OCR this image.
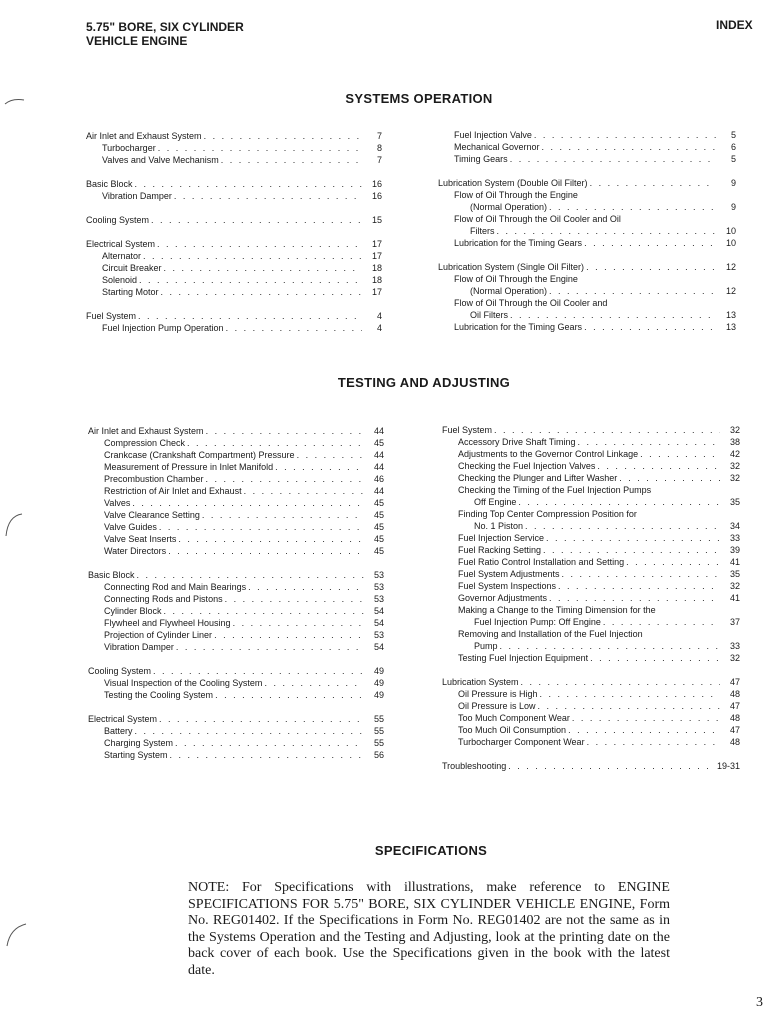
5.75" BORE, SIX CYLINDER
VEHICLE ENGINE
INDEX
SYSTEMS OPERATION
Air Inlet and Exhaust System . . .	7
Turbocharger . . .	8
Valves and Valve Mechanism . . .	7
Basic Block . . .	16
Vibration Damper . . .	16
Cooling System . . .	15
Electrical System . . .	17
Alternator . . .	17
Circuit Breaker . . .	18
Solenoid . . .	18
Starting Motor . . .	17
Fuel System . . .	4
Fuel Injection Pump Operation . . .	4
Fuel Injection Valve . . .	5
Mechanical Governor . . .	6
Timing Gears . . .	5
Lubrication System (Double Oil Filter) . . .	9
Flow of Oil Through the Engine
(Normal Operation) . . .	9
Flow of Oil Through the Oil Cooler and Oil
Filters . . .	10
Lubrication for the Timing Gears . . .	10
Lubrication System (Single Oil Filter) . . .	12
Flow of Oil Through the Engine
(Normal Operation) . . .	12
Flow of Oil Through the Oil Cooler and
Oil Filters . . .	13
Lubrication for the Timing Gears . . .	13
TESTING AND ADJUSTING
Air Inlet and Exhaust System . . .	44
Compression Check . . .	45
Crankcase (Crankshaft Compartment) Pressure . . .	44
Measurement of Pressure in Inlet Manifold . . .	44
Precombustion Chamber . . .	46
Restriction of Air Inlet and Exhaust . . .	44
Valves . . .	45
Valve Clearance Setting . . .	45
Valve Guides . . .	45
Valve Seat Inserts . . .	45
Water Directors . . .	45
Basic Block . . .	53
Connecting Rod and Main Bearings . . .	53
Connecting Rods and Pistons . . .	53
Cylinder Block . . .	54
Flywheel and Flywheel Housing . . .	54
Projection of Cylinder Liner . . .	53
Vibration Damper . . .	54
Cooling System . . .	49
Visual Inspection of the Cooling System . . .	49
Testing the Cooling System . . .	49
Electrical System . . .	55
Battery . . .	55
Charging System . . .	55
Starting System . . .	56
Fuel System . . .	32
Accessory Drive Shaft Timing . . .	38
Adjustments to the Governor Control Linkage . . .	42
Checking the Fuel Injection Valves . . .	32
Checking the Plunger and Lifter Washer . . .	32
Checking the Timing of the Fuel Injection Pumps
Off Engine . . .	35
Finding Top Center Compression Position for
No. 1 Piston . . .	34
Fuel Injection Service . . .	33
Fuel Racking Setting . . .	39
Fuel Ratio Control Installation and Setting . . .	41
Fuel System Adjustments . . .	35
Fuel System Inspections . . .	32
Governor Adjustments . . .	41
Making a Change to the Timing Dimension for the
Fuel Injection Pump: Off Engine . . .	37
Removing and Installation of the Fuel Injection
Pump . . .	33
Testing Fuel Injection Equipment . . .	32
Lubrication System . . .	47
Oil Pressure is High . . .	48
Oil Pressure is Low . . .	47
Too Much Component Wear . . .	48
Too Much Oil Consumption . . .	47
Turbocharger Component Wear . . .	48
Troubleshooting . . .	19-31
SPECIFICATIONS
NOTE: For Specifications with illustrations, make reference to ENGINE SPECIFICATIONS FOR 5.75" BORE, SIX CYLINDER VEHICLE ENGINE, Form No. REG01402. If the Specifications in Form No. REG01402 are not the same as in the Systems Operation and the Testing and Adjusting, look at the printing date on the back cover of each book. Use the Specifications given in the book with the latest date.
3
